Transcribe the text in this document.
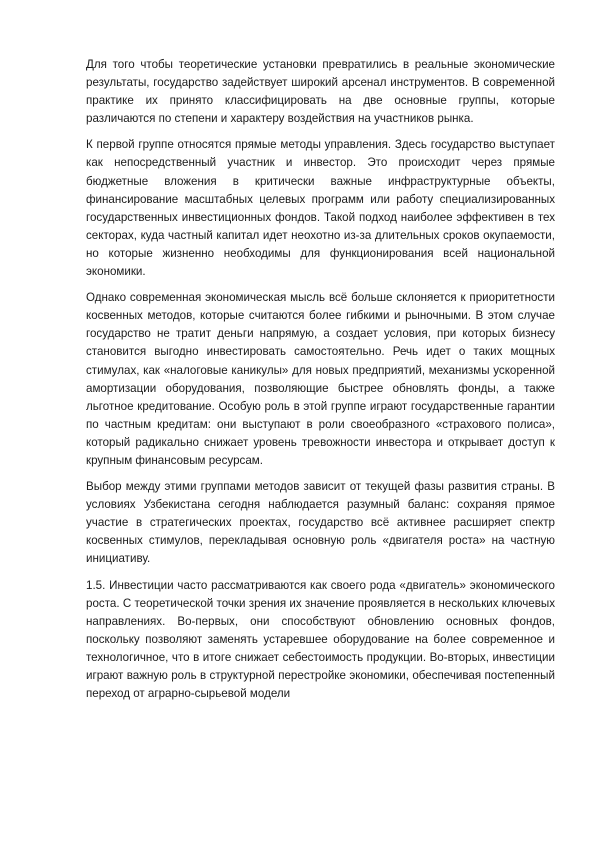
Для того чтобы теоретические установки превратились в реальные экономические результаты, государство задействует широкий арсенал инструментов. В современной практике их принято классифицировать на две основные группы, которые различаются по степени и характеру воздействия на участников рынка.

К первой группе относятся прямые методы управления. Здесь государство выступает как непосредственный участник и инвестор. Это происходит через прямые бюджетные вложения в критически важные инфраструктурные объекты, финансирование масштабных целевых программ или работу специализированных государственных инвестиционных фондов. Такой подход наиболее эффективен в тех секторах, куда частный капитал идет неохотно из-за длительных сроков окупаемости, но которые жизненно необходимы для функционирования всей национальной экономики.

Однако современная экономическая мысль всё больше склоняется к приоритетности косвенных методов, которые считаются более гибкими и рыночными. В этом случае государство не тратит деньги напрямую, а создает условия, при которых бизнесу становится выгодно инвестировать самостоятельно. Речь идет о таких мощных стимулах, как «налоговые каникулы» для новых предприятий, механизмы ускоренной амортизации оборудования, позволяющие быстрее обновлять фонды, а также льготное кредитование. Особую роль в этой группе играют государственные гарантии по частным кредитам: они выступают в роли своеобразного «страхового полиса», который радикально снижает уровень тревожности инвестора и открывает доступ к крупным финансовым ресурсам.

Выбор между этими группами методов зависит от текущей фазы развития страны. В условиях Узбекистана сегодня наблюдается разумный баланс: сохраняя прямое участие в стратегических проектах, государство всё активнее расширяет спектр косвенных стимулов, перекладывая основную роль «двигателя роста» на частную инициативу.

1.5. Инвестиции часто рассматриваются как своего рода «двигатель» экономического роста. С теоретической точки зрения их значение проявляется в нескольких ключевых направлениях. Во-первых, они способствуют обновлению основных фондов, поскольку позволяют заменять устаревшее оборудование на более современное и технологичное, что в итоге снижает себестоимость продукции. Во-вторых, инвестиции играют важную роль в структурной перестройке экономики, обеспечивая постепенный переход от аграрно-сырьевой модели
